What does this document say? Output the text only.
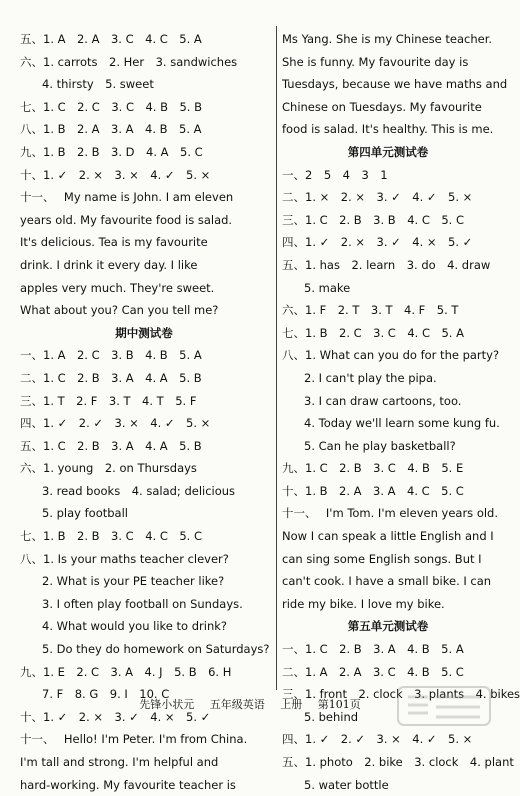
五、1. A　2. A　3. C　4. C　5. A
六、1. carrots　2. Her　3. sandwiches
4. thirsty　5. sweet
七、1. C　2. C　3. C　4. B　5. B
八、1. B　2. A　3. A　4. B　5. A
九、1. B　2. B　3. D　4. A　5. C
十、1. ✓　2. ×　3. ×　4. ✓　5. ×
十一、　 My name is John. I am eleven
years old. My favourite food is salad.
It's delicious. Tea is my favourite
drink. I drink it every day. I like
apples very much. They're sweet.
What about you? Can you tell me?
期中测试卷
一、1. A　2. C　3. B　4. B　5. A
二、1. C　2. B　3. A　4. A　5. B
三、1. T　2. F　3. T　4. T　5. F
四、1. ✓　2. ✓　3. ×　4. ✓　5. ×
五、1. C　2. B　3. A　4. A　5. B
六、1. young　2. on Thursdays
3. read books　4. salad; delicious
5. play football
七、1. B　2. B　3. C　4. C　5. C
八、1. Is your maths teacher clever?
2. What is your PE teacher like?
3. I often play football on Sundays.
4. What would you like to drink?
5. Do they do homework on Saturdays?
九、1. E　2. C　3. A　4. J　5. B　6. H
7. F　8. G　9. I　10. C
十、1. ✓　2. ×　3. ✓　4. ×　5. ✓
十一、　 Hello! I'm Peter. I'm from China.
I'm tall and strong. I'm helpful and
hard-working. My favourite teacher is
Ms Yang. She is my Chinese teacher.
She is funny. My favourite day is
Tuesdays, because we have maths and
Chinese on Tuesdays. My favourite
food is salad. It's healthy. This is me.
第四单元测试卷
一、2　5　4　3　1
二、1. ×　2. ×　3. ✓　4. ✓　5. ×
三、1. C　2. B　3. B　4. C　5. C
四、1. ✓　2. ×　3. ✓　4. ×　5. ✓
五、1. has　2. learn　3. do　4. draw
5. make
六、1. F　2. T　3. T　4. F　5. T
七、1. B　2. C　3. C　4. C　5. A
八、1. What can you do for the party?
2. I can't play the pipa.
3. I can draw cartoons, too.
4. Today we'll learn some kung fu.
5. Can he play basketball?
九、1. C　2. B　3. C　4. B　5. E
十、1. B　2. A　3. A　4. C　5. C
十一、　 I'm Tom. I'm eleven years old.
Now I can speak a little English and I
can sing some English songs. But I
can't cook. I have a small bike. I can
ride my bike. I love my bike.
第五单元测试卷
一、1. C　2. B　3. A　4. B　5. A
二、1. A　2. A　3. C　4. B　5. C
三、1. front　2. clock　3. plants　4. bikes
5. behind
四、1. ✓　2. ✓　3. ×　4. ✓　5. ×
五、1. photo　2. bike　3. clock　4. plant
5. water bottle
先锋小状元 五年级英语 上册 第101页
